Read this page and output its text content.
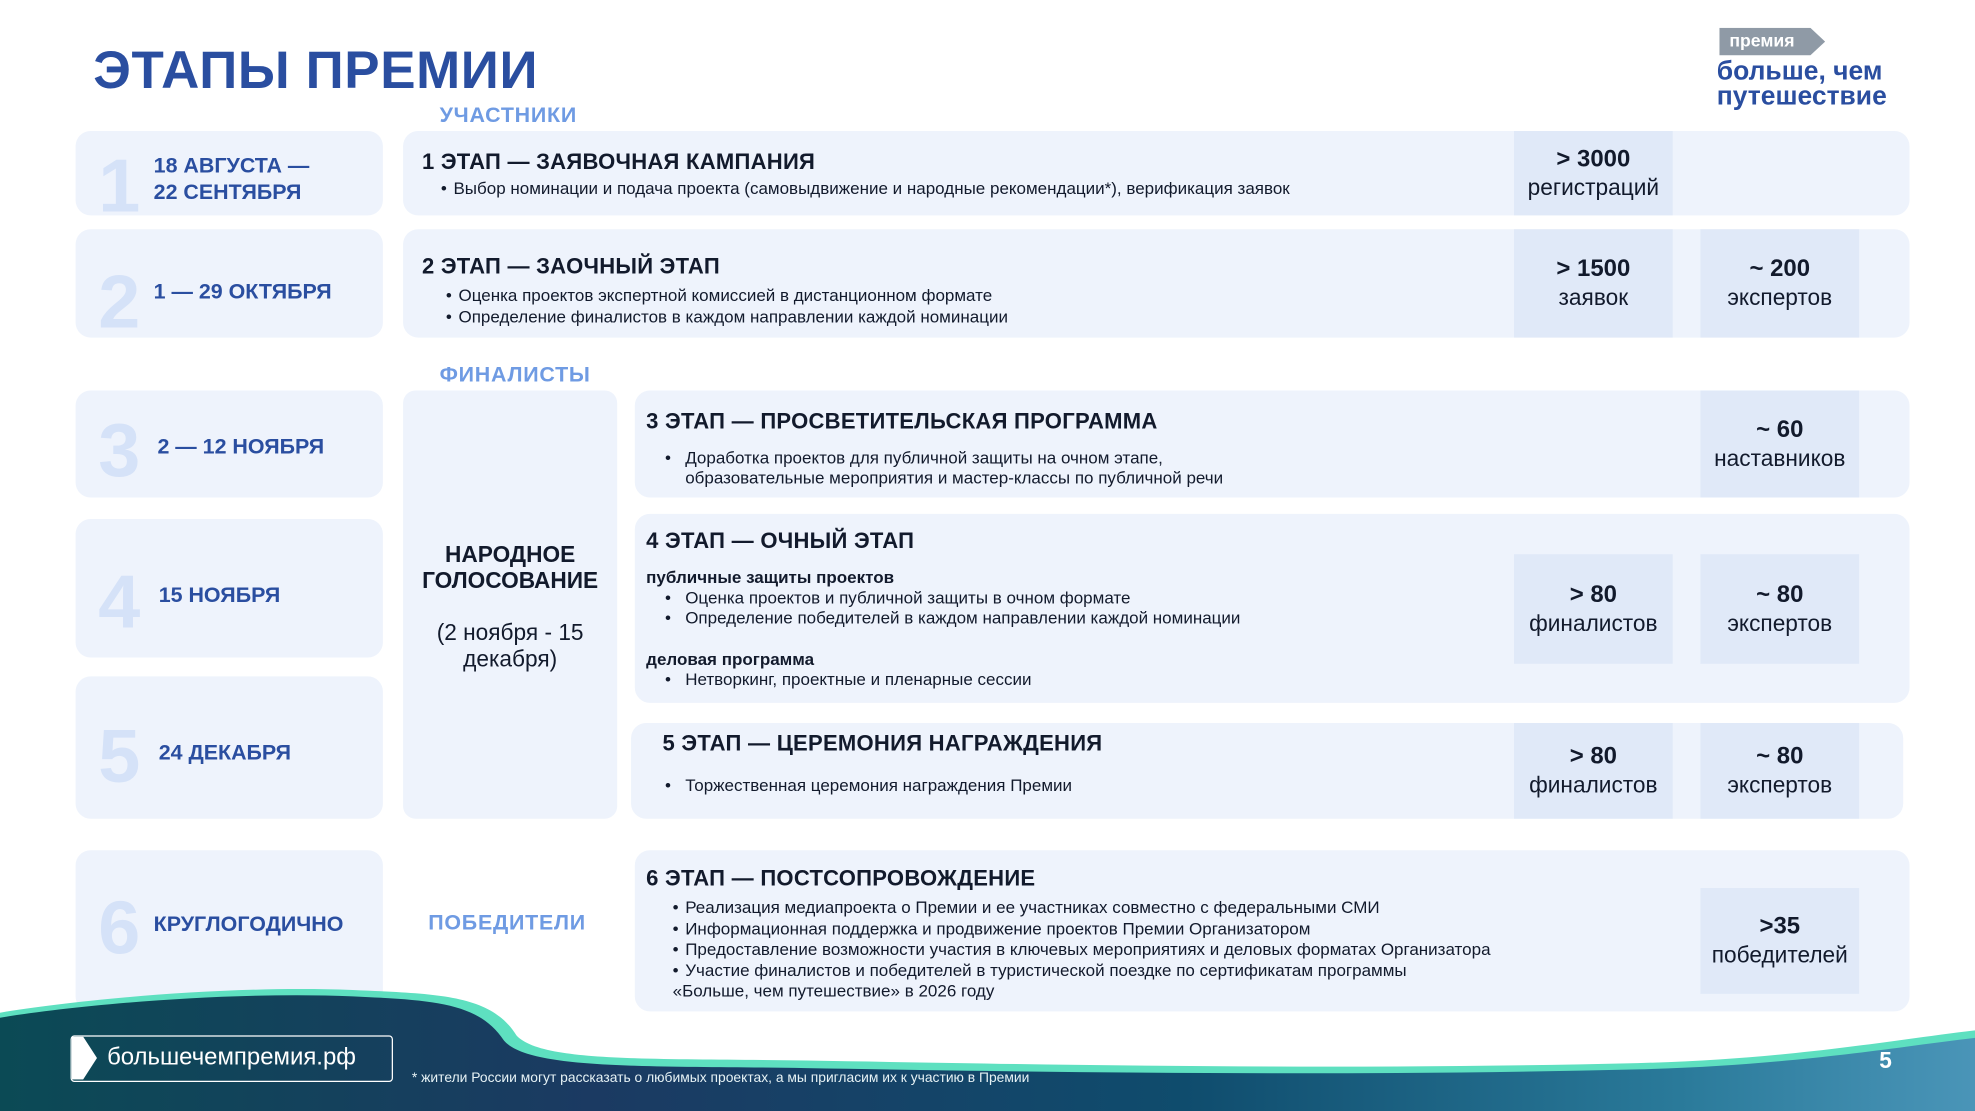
ЭТАПЫ ПРЕМИИ	премия
больше, чем
путешествие
УЧАСТНИКИ
ФИНАЛИСТЫ
1 18 АВГУСТА —
22 СЕНТЯБРЯ
2 1 — 29 ОКТЯБРЯ
3 2 — 12 НОЯБРЯ
4 15 НОЯБРЯ
5 24 ДЕКАБРЯ
6 КРУГЛОГОДИЧНО
НАРОДНОЕ
ГОЛОСОВАНИЕ
(2 ноября - 15
декабря)
ПОБЕДИТЕЛИ
1 ЭТАП — ЗАЯВОЧНАЯ КАМПАНИЯ
• Выбор номинации и подача проекта (самовыдвижение и народные рекомендации*), верификация заявок
> 3000
регистраций
2 ЭТАП — ЗАОЧНЫЙ ЭТАП
• Оценка проектов экспертной комиссией в дистанционном формате
• Определение финалистов в каждом направлении каждой номинации
> 1500
заявок
~ 200
экспертов
3 ЭТАП — ПРОСВЕТИТЕЛЬСКАЯ ПРОГРАММА
• Доработка проектов для публичной защиты на очном этапе,
образовательные мероприятия и мастер-классы по публичной речи
~ 60
наставников
4 ЭТАП — ОЧНЫЙ ЭТАП
публичные защиты проектов
• Оценка проектов и публичной защиты в очном формате
• Определение победителей в каждом направлении каждой номинации
деловая программа
• Нетворкинг, проектные и пленарные сессии
> 80
финалистов
~ 80
экспертов
5 ЭТАП — ЦЕРЕМОНИЯ НАГРАЖДЕНИЯ
• Торжественная церемония награждения Премии
> 80
финалистов
~ 80
экспертов
6 ЭТАП — ПОСТСОПРОВОЖДЕНИЕ
• Реализация медиапроекта о Премии и ее участниках совместно с федеральными СМИ
• Информационная поддержка и продвижение проектов Премии Организатором
• Предоставление возможности участия в ключевых мероприятиях и деловых форматах Организатора
• Участие финалистов и победителей в туристической поездке по сертификатам программы
«Больше, чем путешествие» в 2026 году
>35
победителей
большечемпремия.рф
* жители России могут рассказать о любимых проектах, а мы пригласим их к участию в Премии
5
